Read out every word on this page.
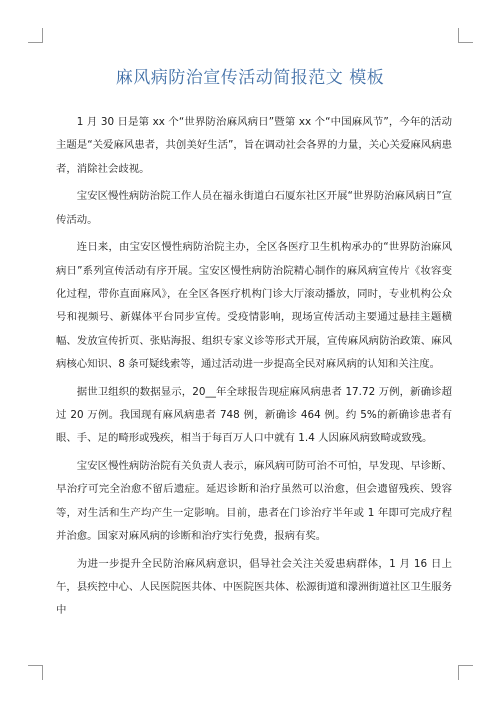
麻风病防治宣传活动简报范文 模板

1 月 30 日是第 xx 个“世界防治麻风病日”暨第 xx 个“中国麻风节”，今年的活动主题是“关爱麻风患者，共创美好生活”，旨在调动社会各界的力量，关心关爱麻风病患者，消除社会歧视。

宝安区慢性病防治院工作人员在福永街道白石厦东社区开展“世界防治麻风病日”宣传活动。

连日来，由宝安区慢性病防治院主办，全区各医疗卫生机构承办的“世界防治麻风病日”系列宣传活动有序开展。宝安区慢性病防治院精心制作的麻风病宣传片《妆容变化过程，带你直面麻风》，在全区各医疗机构门诊大厅滚动播放，同时，专业机构公众号和视频号、新媒体平台同步宣传。受疫情影响，现场宣传活动主要通过悬挂主题横幅、发放宣传折页、张贴海报、组织专家义诊等形式开展，宣传麻风病防治政策、麻风病核心知识、8 条可疑线索等，通过活动进一步提高全民对麻风病的认知和关注度。

据世卫组织的数据显示，20__年全球报告现症麻风病患者 17.72 万例，新确诊超过 20 万例。我国现有麻风病患者 748 例，新确诊 464 例。约 5%的新确诊患者有眼、手、足的畸形或残疾，相当于每百万人口中就有 1.4 人因麻风病致畸或致残。

宝安区慢性病防治院有关负责人表示，麻风病可防可治不可怕，早发现、早诊断、早治疗可完全治愈不留后遗症。延迟诊断和治疗虽然可以治愈，但会遗留残疾、毁容等，对生活和生产均产生一定影响。目前，患者在门诊治疗半年或 1 年即可完成疗程并治愈。国家对麻风病的诊断和治疗实行免费，报病有奖。

为进一步提升全民防治麻风病意识，倡导社会关注关爱患病群体，1 月 16 日上午，县疾控中心、人民医院医共体、中医院医共体、松源街道和濛洲街道社区卫生服务中
